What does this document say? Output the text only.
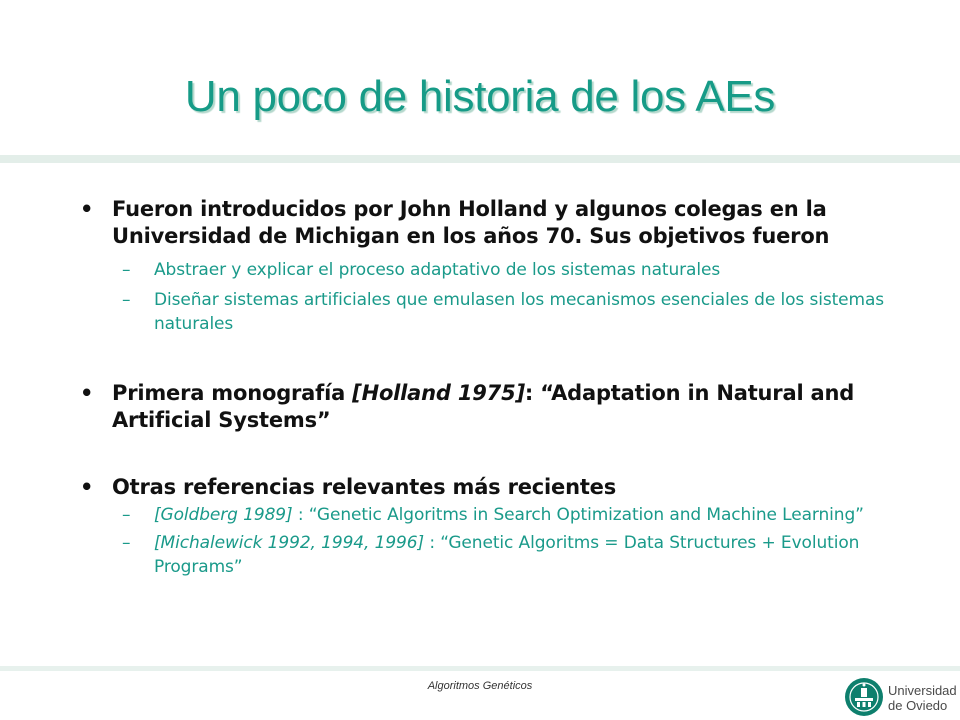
Un poco de historia de los AEs
• Fueron introducidos por John Holland y algunos colegas en la Universidad de Michigan en los años 70. Sus objetivos fueron
– Abstraer y explicar el proceso adaptativo de los sistemas naturales
– Diseñar sistemas artificiales que emulasen los mecanismos esenciales de los sistemas naturales
• Primera monografía [Holland 1975]: “Adaptation in Natural and Artificial Systems”
• Otras referencias relevantes más recientes
– [Goldberg 1989] : “Genetic Algoritms in Search Optimization and Machine Learning”
– [Michalewick 1992, 1994, 1996] : “Genetic Algoritms = Data Structures + Evolution Programs”
Algoritmos Genéticos	Universidad
de Oviedo
